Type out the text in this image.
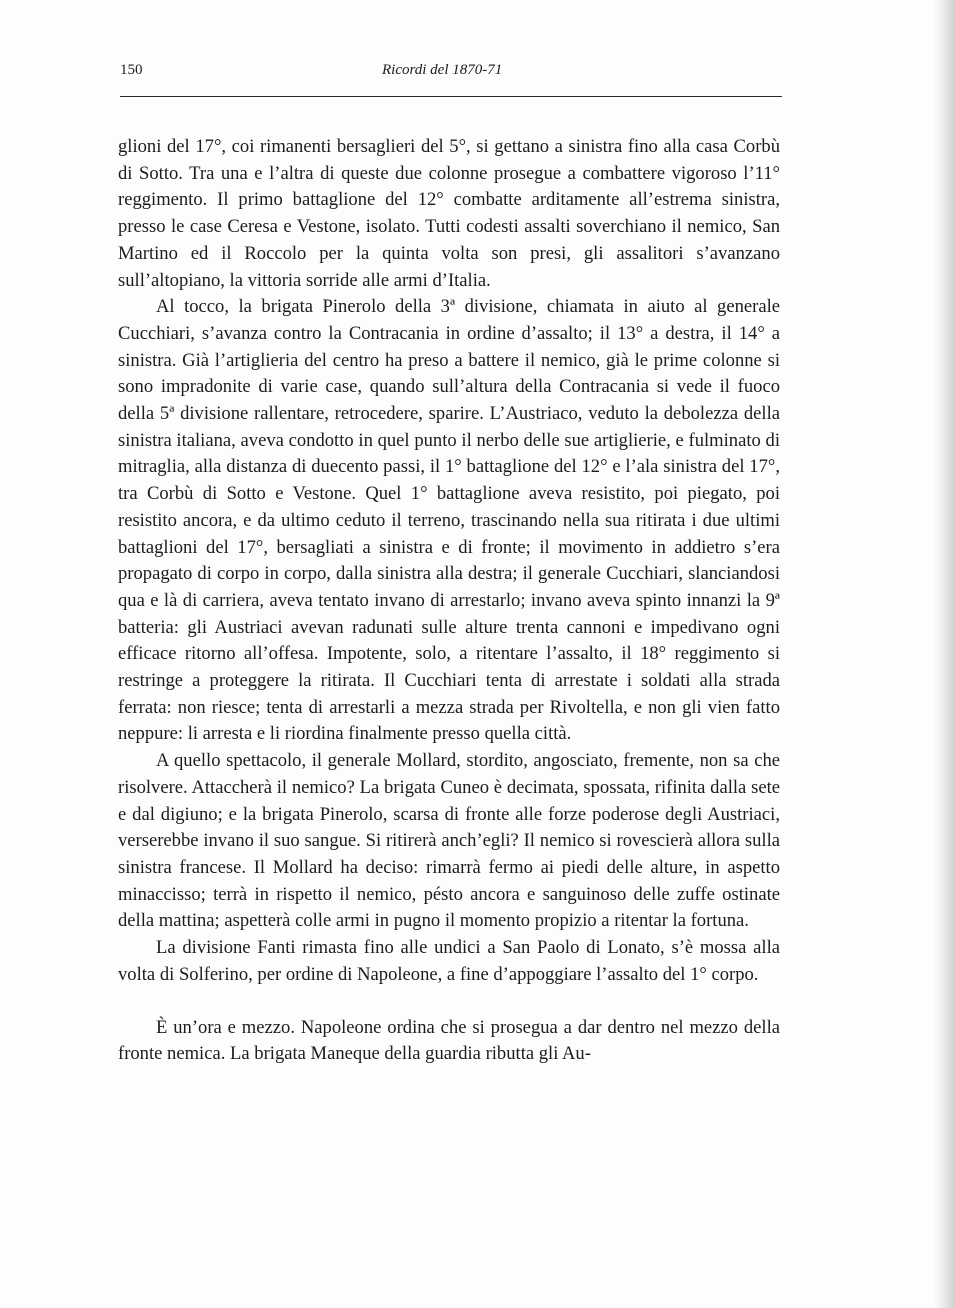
150	Ricordi del 1870-71

glioni del 17°, coi rimanenti bersaglieri del 5°, si gettano a sinistra fino alla casa Corbù di Sotto. Tra una e l’altra di queste due colonne prosegue a combattere vigoroso l’11° reggimento. Il primo battaglione del 12° combatte arditamente all’estrema sinistra, presso le case Ceresa e Vestone, isolato. Tutti codesti assalti soverchiano il nemico, San Martino ed il Roccolo per la quinta volta son presi, gli assalitori s’avanzano sull’altopiano, la vittoria sorride alle armi d’Italia.

Al tocco, la brigata Pinerolo della 3ª divisione, chiamata in aiuto al generale Cucchiari, s’avanza contro la Contracania in ordine d’assalto; il 13° a destra, il 14° a sinistra. Già l’artiglieria del centro ha preso a battere il nemico, già le prime colonne si sono impradonite di varie case, quando sull’altura della Contracania si vede il fuoco della 5ª divisione rallentare, retrocedere, sparire. L’Austriaco, veduto la debolezza della sinistra italiana, aveva condotto in quel punto il nerbo delle sue artiglierie, e fulminato di mitraglia, alla distanza di duecento passi, il 1° battaglione del 12° e l’ala sinistra del 17°, tra Corbù di Sotto e Vestone. Quel 1° battaglione aveva resistito, poi piegato, poi resistito ancora, e da ultimo ceduto il terreno, trascinando nella sua ritirata i due ultimi battaglioni del 17°, bersagliati a sinistra e di fronte; il movimento in addietro s’era propagato di corpo in corpo, dalla sinistra alla destra; il generale Cucchiari, slanciandosi qua e là di carriera, aveva tentato invano di arrestarlo; invano aveva spinto innanzi la 9ª batteria: gli Austriaci avevan radunati sulle alture trenta cannoni e impedivano ogni efficace ritorno all’offesa. Impotente, solo, a ritentare l’assalto, il 18° reggimento si restringe a proteggere la ritirata. Il Cucchiari tenta di arrestate i soldati alla strada ferrata: non riesce; tenta di arrestarli a mezza strada per Rivoltella, e non gli vien fatto neppure: li arresta e li riordina finalmente presso quella città.

A quello spettacolo, il generale Mollard, stordito, angosciato, fremente, non sa che risolvere. Attaccherà il nemico? La brigata Cuneo è decimata, spossata, rifinita dalla sete e dal digiuno; e la brigata Pinerolo, scarsa di fronte alle forze poderose degli Austriaci, verserebbe invano il suo sangue. Si ritirerà anch’egli? Il nemico si rovescierà allora sulla sinistra francese. Il Mollard ha deciso: rimarrà fermo ai piedi delle alture, in aspetto minaccisso; terrà in rispetto il nemico, pésto ancora e sanguinoso delle zuffe ostinate della mattina; aspetterà colle armi in pugno il momento propizio a ritentar la fortuna.

La divisione Fanti rimasta fino alle undici a San Paolo di Lonato, s’è mossa alla volta di Solferino, per ordine di Napoleone, a fine d’appoggiare l’assalto del 1° corpo.

È un’ora e mezzo. Napoleone ordina che si prosegua a dar dentro nel mezzo della fronte nemica. La brigata Maneque della guardia ributta gli Au-
